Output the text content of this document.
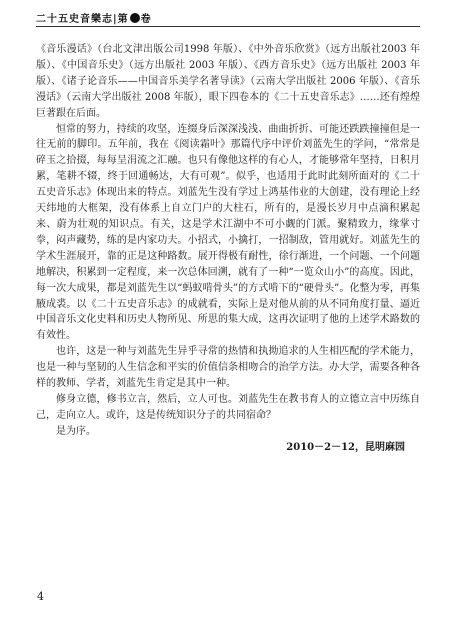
二十五史音樂志|第 卷

《音乐漫话》（台北文津出版公司1998 年版）、《中外音乐欣赏》（远方出版社2003 年版）、《中国音乐史》（远方出版社 2003 年版）、《西方音乐史》（远方出版社 2003 年版）、《诸子论音乐——中国音乐美学名著导读》（云南大学出版社 2006 年版）、《音乐漫话》（云南大学出版社 2008 年版），眼下四卷本的《二十五史音乐志》……还有煌煌巨著跟在后面。

恒常的努力，持续的攻坚，连缀身后深深浅浅、曲曲折折、可能还跌跌撞撞但是一往无前的脚印。五年前，我在《阅读霜叶》那篇代序中评价刘蓝先生的学问，“常常是碎玉之拾掇，每每呈涓流之汇融。也只有像他这样的有心人，才能够常年坚持，日积月累，笔耕不辍，终于回通畅达，大有可观”。似乎，也适用于此时此刻所面对的《二十五史音乐志》体现出来的特点。刘蓝先生没有学过上鸿基伟业的大创建，没有理论上经天纬地的大框架，没有体系上自立门户的大柱石，所有的，是漫长岁月中点滴积累起来、蔚为壮观的知识点。有关，这是学术江湖中不可小觑的门派。聚精致力，缘掌寸拳，闷声藏势，练的是内家功夫。小招式，小擒打，一招制敌，管用就好。刘蓝先生的学术生涯展开，靠的正是这种路数。展开得极有耐性，徐行渐进，一个问题、一个问题地解决，积累到一定程度，来一次总体回溯，就有了一种“一览众山小”的高度。因此，每一次大成果，都是刘蓝先生以“蚂蚁啃骨头”的方式啃下的“硬骨头”。化整为零，再集腋成裘。以《二十五史音乐志》的成就看，实际上是对他从前的从不同角度打量、逼近中国音乐文化史料和历史人物所见、所思的集大成，这再次证明了他的上述学术路数的有效性。

也许，这是一种与刘蓝先生异乎寻常的热情和执拗追求的人生相匹配的学术能力，也是一种与坚韧的人生信念和平实的价值信条相吻合的治学方法。办大学，需要各种各样的教师、学者，刘蓝先生肯定是其中一种。

修身立德，修书立言，然后，立人可也。刘蓝先生在教书育人的立德立言中历练自己，走向立人。或许，这是传统知识分子的共同宿命？

是为序。

2010－2－12，昆明麻园
4
